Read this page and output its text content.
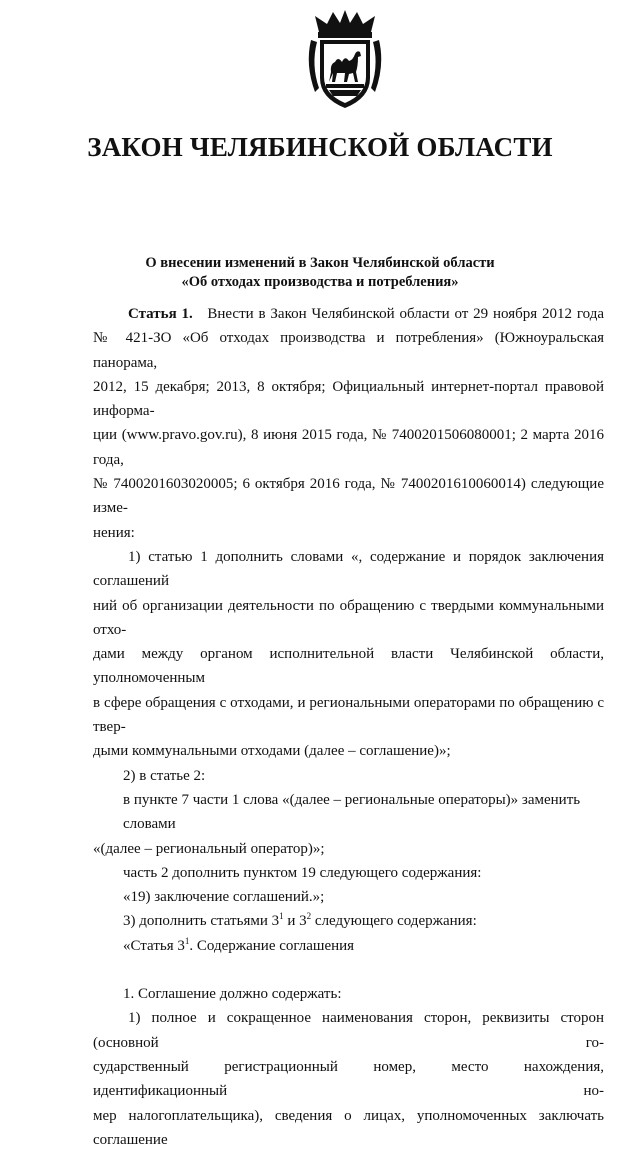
ЗАКОН ЧЕЛЯБИНСКОЙ ОБЛАСТИ
О внесении изменений в Закон Челябинской области
«Об отходах производства и потребления»

Статья 1. Внести в Закон Челябинской области от 29 ноября 2012 года

№ 421-ЗО «Об отходах производства и потребления» (Южноуральская панорама,

2012, 15 декабря; 2013, 8 октября; Официальный интернет-портал правовой информа-

ции (www.pravo.gov.ru), 8 июня 2015 года, № 7400201506080001; 2 марта 2016 года,

№ 7400201603020005; 6 октября 2016 года, № 7400201610060014) следующие изме-

нения:

1) статью 1 дополнить словами «, содержание и порядок заключения соглашений

ний об организации деятельности по обращению с твердыми коммунальными отхо-

дами между органом исполнительной власти Челябинской области, уполномоченным

в сфере обращения с отходами, и региональными операторами по обращению с твер-

дыми коммунальными отходами (далее – соглашение)»;

2) в статье 2:

в пункте 7 части 1 слова «(далее – региональные операторы)» заменить словами

«(далее – региональный оператор)»;

часть 2 дополнить пунктом 19 следующего содержания:

«19) заключение соглашений.»;

3) дополнить статьями $3^1$ и $3^2$ следующего содержания:

«Статья $3^1$. Содержание соглашения

1. Соглашение должно содержать:

1) полное и сокращенное наименования сторон, реквизиты сторон (основной го-

сударственный регистрационный номер, место нахождения, идентификационный но-

мер налогоплательщика), сведения о лицах, уполномоченных заключать соглашение
